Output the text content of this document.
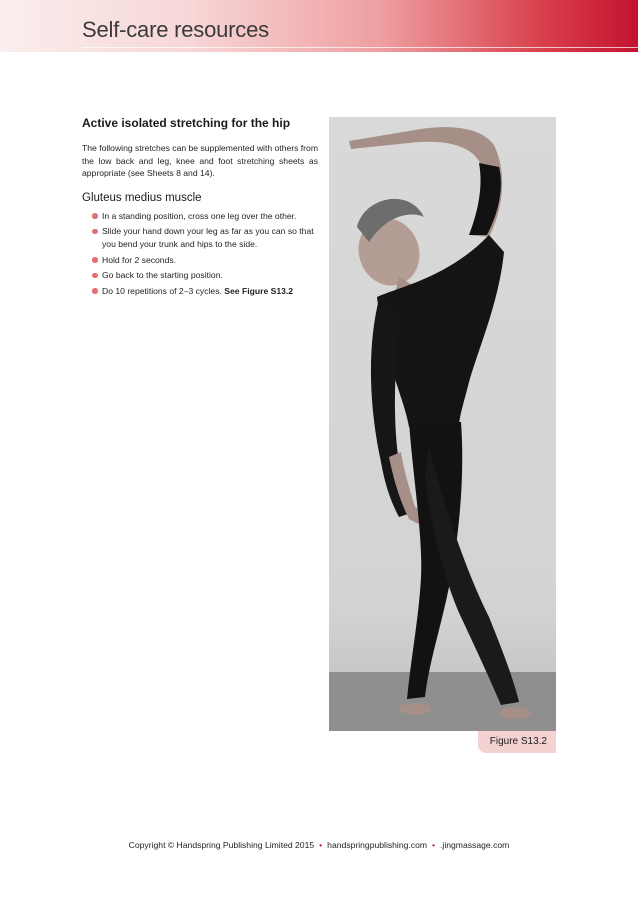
Self-care resources
Active isolated stretching for the hip

The following stretches can be supplemented with others from the low back and leg, knee and foot stretching sheets as appropriate (see Sheets 8 and 14).

Gluteus medius muscle
In a standing position, cross one leg over the other.
Slide your hand down your leg as far as you can so that you bend your trunk and hips to the side.
Hold for 2 seconds.
Go back to the starting position.
Do 10 repetitions of 2–3 cycles. See Figure S13.2
Figure S13.2
Copyright © Handspring Publishing Limited 2015 • handspringpublishing.com • .jingmassage.com
